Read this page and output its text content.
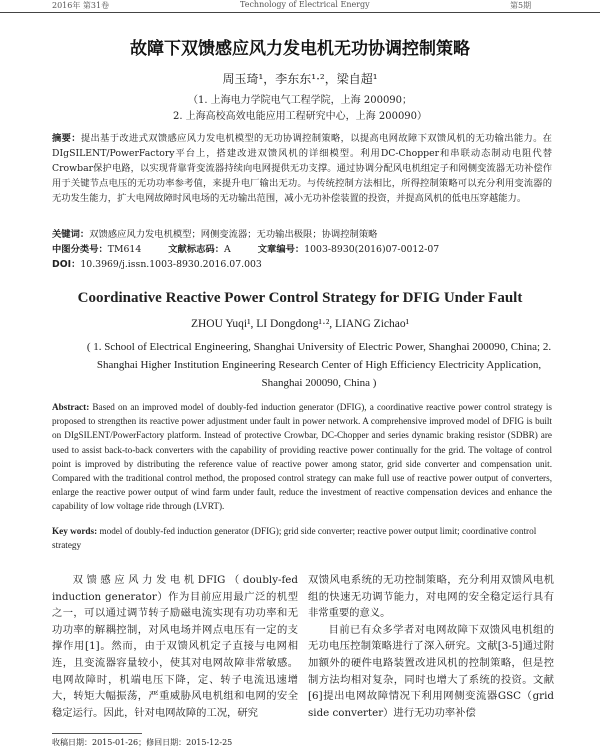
2016年 第31卷	Technology of Electrical Energy	第5期
故障下双馈感应风力发电机无功协调控制策略
周玉琦¹，李东东¹·²，梁自超¹
（1. 上海电力学院电气工程学院，上海 200090；
2. 上海高校高效电能应用工程研究中心，上海 200090）
摘要：提出基于改进式双馈感应风力发电机模型的无功协调控制策略，以提高电网故障下双馈风机的无功输出能力。在DIgSILENT/PowerFactory平台上，搭建改进双馈风机的详细模型。利用DC-Chopper和串联动态制动电阻代替Crowbar保护电路，以实现背靠背变流器持续向电网提供无功支撑。通过协调分配风电机组定子和网侧变流器无功补偿作用于关键节点电压的无功功率参考值，来提升电厂输出无功。与传统控制方法相比，所得控制策略可以充分利用变流器的无功发生能力，扩大电网故障时风电场的无功输出范围，减小无功补偿装置的投资，并提高风机的低电压穿越能力。
关键词：双馈感应风力发电机模型；网侧变流器；无功输出极限；协调控制策略
中图分类号：TM614	文献标志码：A	文章编号：1003-8930(2016)07-0012-07
DOI：10.3969/j.issn.1003-8930.2016.07.003
Coordinative Reactive Power Control Strategy for DFIG Under Fault
ZHOU Yuqi¹, LI Dongdong¹·², LIANG Zichao¹
( 1. School of Electrical Engineering, Shanghai University of Electric Power, Shanghai 200090, China; 2. Shanghai Higher Institution Engineering Research Center of High Efficiency Electricity Application, Shanghai 200090, China )
Abstract: Based on an improved model of doubly-fed induction generator (DFIG), a coordinative reactive power control strategy is proposed to strengthen its reactive power adjustment under fault in power network. A comprehensive improved model of DFIG is built on DIgSILENT/PowerFactory platform. Instead of protective Crowbar, DC-Chopper and series dynamic braking resistor (SDBR) are used to assist back-to-back converters with the capability of providing reactive power continually for the grid. The voltage of control point is improved by distributing the reference value of reactive power among stator, grid side converter and compensation unit. Compared with the traditional control method, the proposed control strategy can make full use of reactive power output of converters, enlarge the reactive power output of wind farm under fault, reduce the investment of reactive compensation devices and enhance the capability of low voltage ride through (LVRT).
Key words: model of doubly-fed induction generator (DFIG); grid side converter; reactive power output limit; coordinative control strategy
双馈感应风力发电机DFIG（doubly-fed induction generator）作为目前应用最广泛的机型之一，可以通过调节转子励磁电流实现有功功率和无功功率的解耦控制，对风电场并网点电压有一定的支撑作用[1]。然而，由于双馈风机定子直接与电网相连，且变流器容量较小，使其对电网故障非常敏感。电网故障时，机端电压下降，定、转子电流迅速增大，转矩大幅振荡，严重威胁风电机组和电网的安全稳定运行。因此，针对电网故障的工况，研究
双馈风电系统的无功控制策略，充分利用双馈风电机组的快速无功调节能力，对电网的安全稳定运行具有非常重要的意义。
目前已有众多学者对电网故障下双馈风电机组的无功电压控制策略进行了深入研究。文献[3-5]通过附加额外的硬件电路装置改进风机的控制策略，但是控制方法均相对复杂，同时也增大了系统的投资。文献[6]提出电网故障情况下利用网侧变流器GSC（grid side converter）进行无功功率补偿
收稿日期：2015-01-26；修回日期：2015-12-25
